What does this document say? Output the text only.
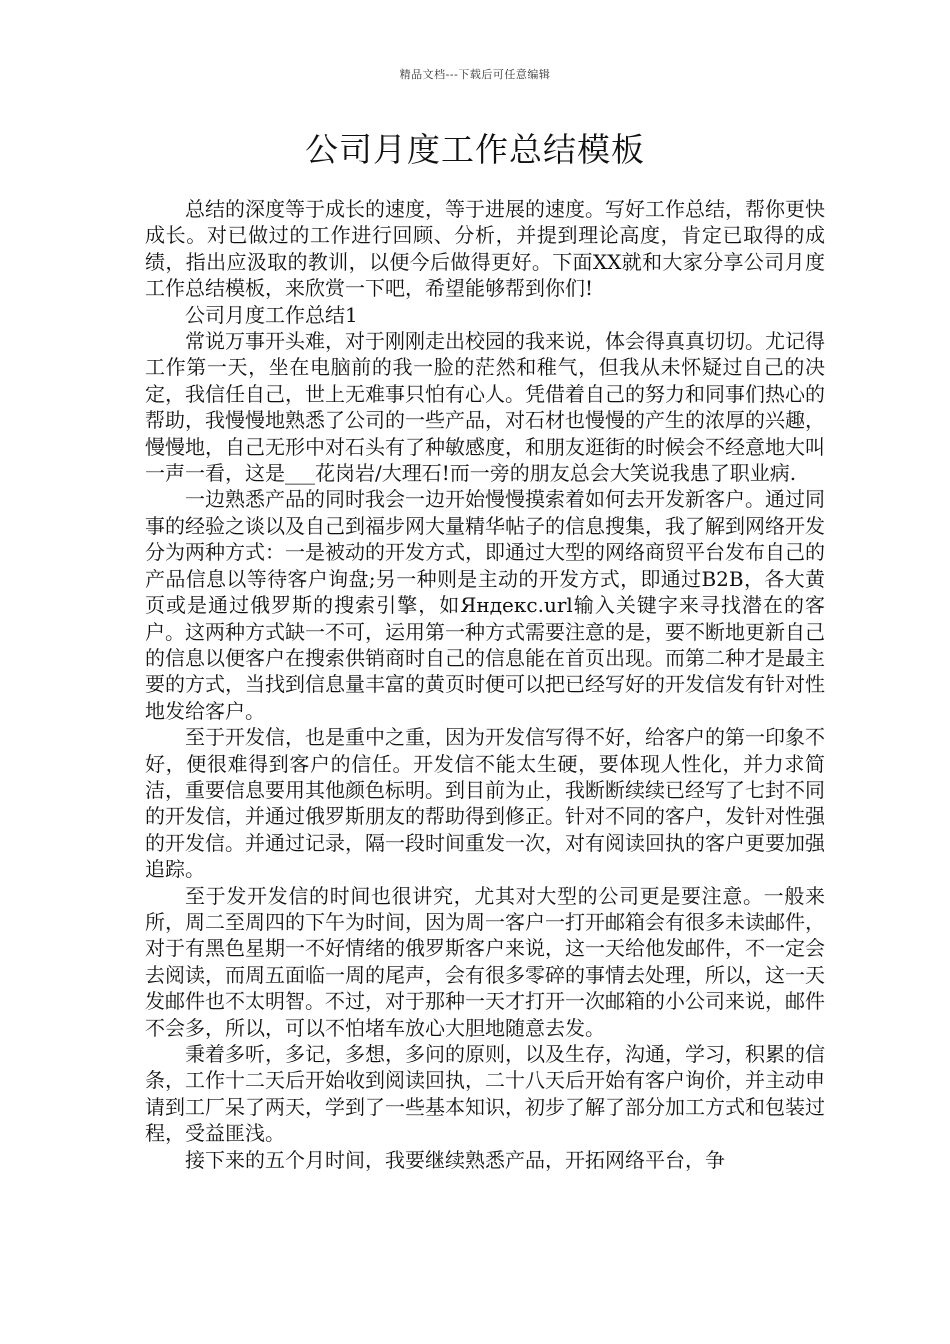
精品文档---下载后可任意编辑
公司月度工作总结模板

总结的深度等于成长的速度，等于进展的速度。写好工作总结，帮你更快成长。对已做过的工作进行回顾、分析，并提到理论高度，肯定已取得的成绩，指出应汲取的教训，以便今后做得更好。下面XX就和大家分享公司月度工作总结模板，来欣赏一下吧，希望能够帮到你们!

公司月度工作总结1

常说万事开头难，对于刚刚走出校园的我来说，体会得真真切切。尤记得工作第一天，坐在电脑前的我一脸的茫然和稚气，但我从未怀疑过自己的决定，我信任自己，世上无难事只怕有心人。凭借着自己的努力和同事们热心的帮助，我慢慢地熟悉了公司的一些产品，对石材也慢慢的产生的浓厚的兴趣，慢慢地，自己无形中对石头有了种敏感度，和朋友逛街的时候会不经意地大叫一声一看，这是___花岗岩/大理石!而一旁的朋友总会大笑说我患了职业病.

一边熟悉产品的同时我会一边开始慢慢摸索着如何去开发新客户。通过同事的经验之谈以及自己到福步网大量精华帖子的信息搜集，我了解到网络开发分为两种方式：一是被动的开发方式，即通过大型的网络商贸平台发布自己的产品信息以等待客户询盘;另一种则是主动的开发方式，即通过B2B，各大黄页或是通过俄罗斯的搜索引擎，如Яндекс.url输入关键字来寻找潜在的客户。这两种方式缺一不可，运用第一种方式需要注意的是，要不断地更新自己的信息以便客户在搜索供销商时自己的信息能在首页出现。而第二种才是最主要的方式，当找到信息量丰富的黄页时便可以把已经写好的开发信发有针对性地发给客户。

至于开发信，也是重中之重，因为开发信写得不好，给客户的第一印象不好，便很难得到客户的信任。开发信不能太生硬，要体现人性化，并力求简洁，重要信息要用其他颜色标明。到目前为止，我断断续续已经写了七封不同的开发信，并通过俄罗斯朋友的帮助得到修正。针对不同的客户，发针对性强的开发信。并通过记录，隔一段时间重发一次，对有阅读回执的客户更要加强追踪。

至于发开发信的时间也很讲究，尤其对大型的公司更是要注意。一般来所，周二至周四的下午为时间，因为周一客户一打开邮箱会有很多未读邮件，对于有黑色星期一不好情绪的俄罗斯客户来说，这一天给他发邮件，不一定会去阅读，而周五面临一周的尾声，会有很多零碎的事情去处理，所以，这一天发邮件也不太明智。不过，对于那种一天才打开一次邮箱的小公司来说，邮件不会多，所以，可以不怕堵车放心大胆地随意去发。

秉着多听，多记，多想，多问的原则，以及生存，沟通，学习，积累的信条，工作十二天后开始收到阅读回执，二十八天后开始有客户询价，并主动申请到工厂呆了两天，学到了一些基本知识，初步了解了部分加工方式和包装过程，受益匪浅。

接下来的五个月时间，我要继续熟悉产品，开拓网络平台，争
